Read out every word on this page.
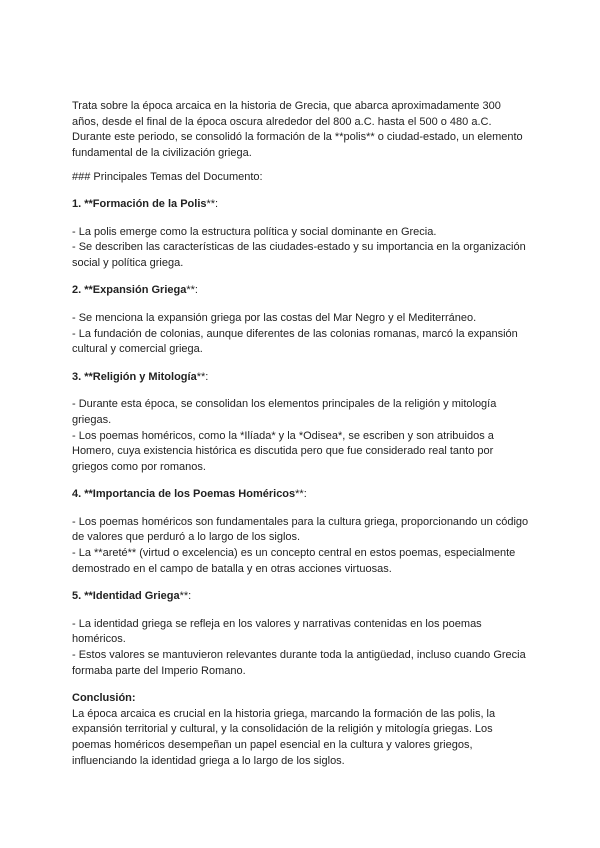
Trata sobre la época arcaica en la historia de Grecia, que abarca aproximadamente 300 años, desde el final de la época oscura alrededor del 800 a.C. hasta el 500 o 480 a.C. Durante este periodo, se consolidó la formación de la **polis** o ciudad-estado, un elemento fundamental de la civilización griega.

### Principales Temas del Documento:

1. **Formación de la Polis**:

- La polis emerge como la estructura política y social dominante en Grecia.

- Se describen las características de las ciudades-estado y su importancia en la organización social y política griega.

2. **Expansión Griega**:

- Se menciona la expansión griega por las costas del Mar Negro y el Mediterráneo.

- La fundación de colonias, aunque diferentes de las colonias romanas, marcó la expansión cultural y comercial griega.

3. **Religión y Mitología**:

- Durante esta época, se consolidan los elementos principales de la religión y mitología griegas.

- Los poemas homéricos, como la *Ilíada* y la *Odisea*, se escriben y son atribuidos a Homero, cuya existencia histórica es discutida pero que fue considerado real tanto por griegos como por romanos.

4. **Importancia de los Poemas Homéricos**:

- Los poemas homéricos son fundamentales para la cultura griega, proporcionando un código de valores que perduró a lo largo de los siglos.

- La **areté** (virtud o excelencia) es un concepto central en estos poemas, especialmente demostrado en el campo de batalla y en otras acciones virtuosas.

5. **Identidad Griega**:

- La identidad griega se refleja en los valores y narrativas contenidas en los poemas homéricos.

- Estos valores se mantuvieron relevantes durante toda la antigüedad, incluso cuando Grecia formaba parte del Imperio Romano.

Conclusión:

La época arcaica es crucial en la historia griega, marcando la formación de las polis, la expansión territorial y cultural, y la consolidación de la religión y mitología griegas. Los poemas homéricos desempeñan un papel esencial en la cultura y valores griegos, influenciando la identidad griega a lo largo de los siglos.
